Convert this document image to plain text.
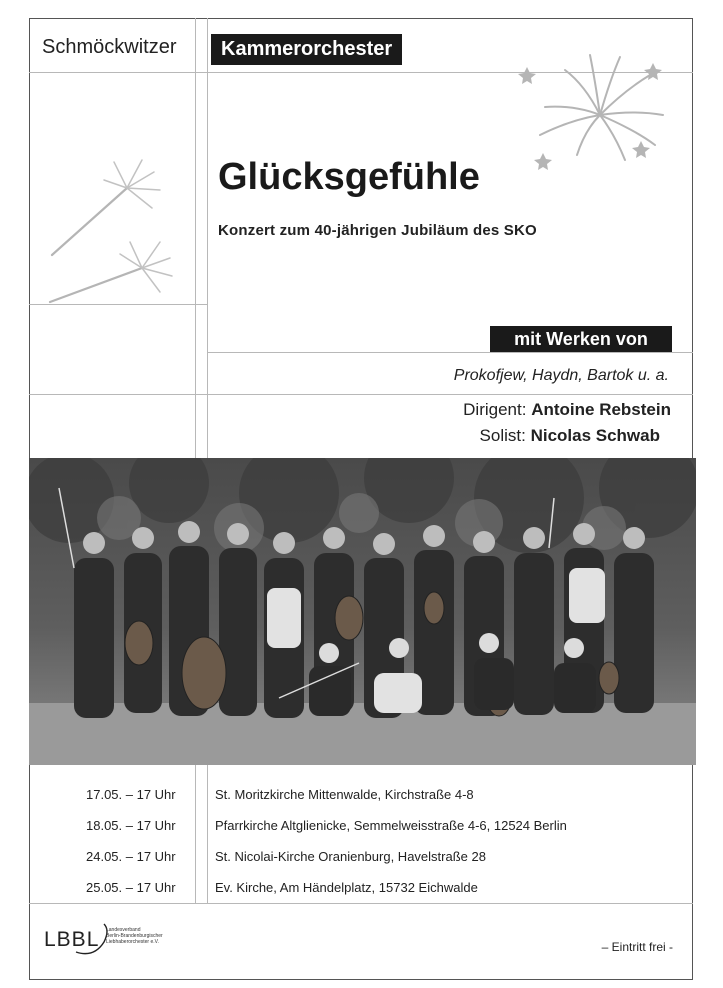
Schmöckwitzer	Kammerorchester
Glücksgefühle
Konzert zum 40-jährigen Jubiläum des SKO
mit Werken von
Prokofjew, Haydn, Bartok u. a.
Dirigent: Antoine Rebstein
Solist: Nicolas Schwab
17.05. – 17 Uhr	St. Moritzkirche Mittenwalde, Kirchstraße 4-8
18.05. – 17 Uhr	Pfarrkirche Altglienicke, Semmelweisstraße 4-6, 12524 Berlin
24.05. – 17 Uhr	St. Nicolai-Kirche Oranienburg, Havelstraße 28
25.05. – 17 Uhr	Ev. Kirche, Am Händelplatz, 15732 Eichwalde
LBBL Landesverband
Berlin-Brandenburgischer
Liebhaberorchester e.V.	– Eintritt frei -
